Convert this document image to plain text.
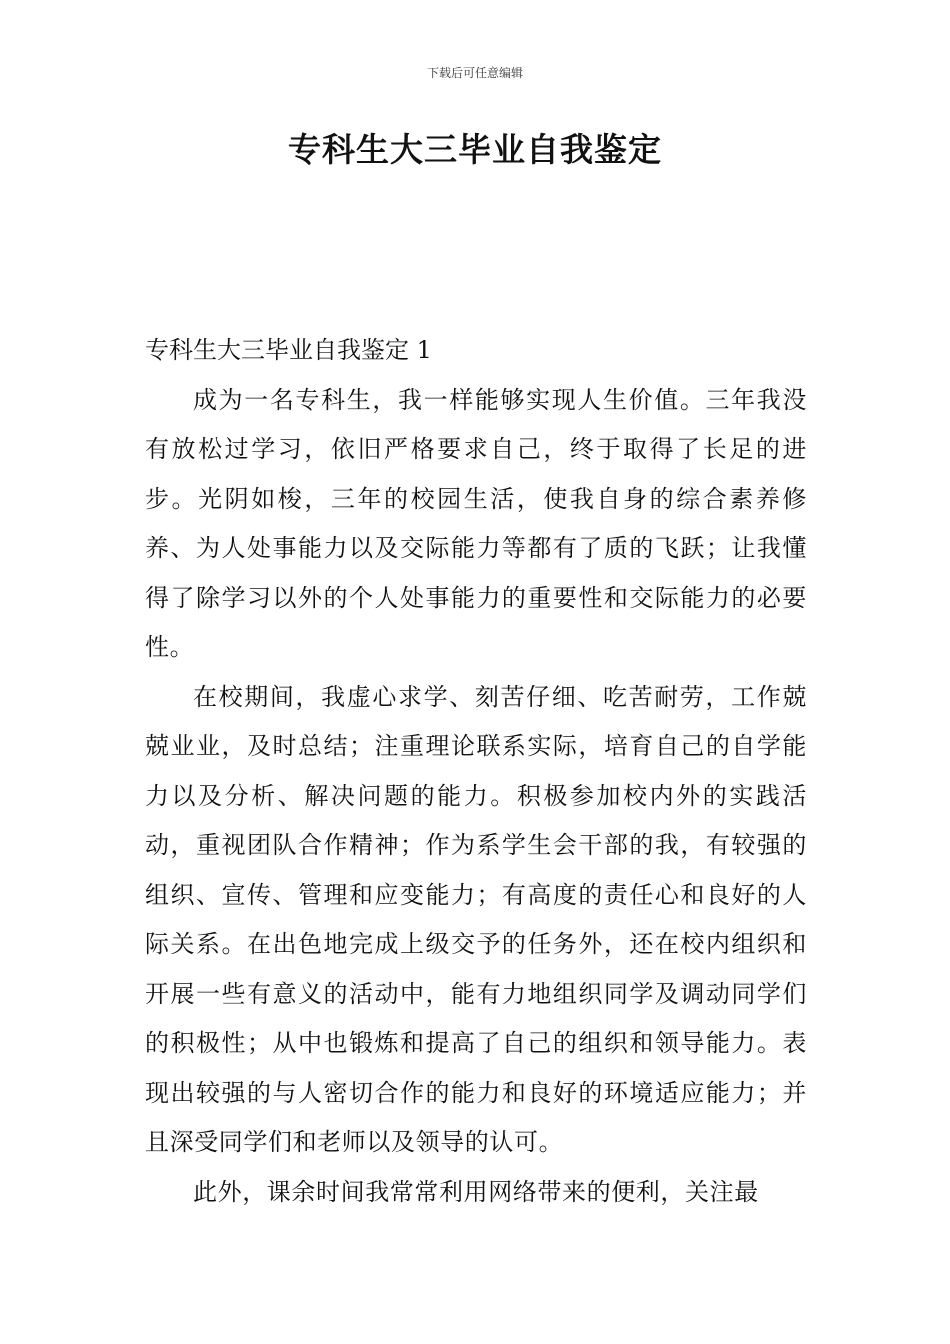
下载后可任意编辑
专科生大三毕业自我鉴定

专科生大三毕业自我鉴定 1

成为一名专科生，我一样能够实现人生价值。三年我没有放松过学习，依旧严格要求自己，终于取得了长足的进步。光阴如梭，三年的校园生活，使我自身的综合素养修养、为人处事能力以及交际能力等都有了质的飞跃；让我懂得了除学习以外的个人处事能力的重要性和交际能力的必要性。

在校期间，我虚心求学、刻苦仔细、吃苦耐劳，工作兢兢业业，及时总结；注重理论联系实际，培育自己的自学能力以及分析、解决问题的能力。积极参加校内外的实践活动，重视团队合作精神；作为系学生会干部的我，有较强的组织、宣传、管理和应变能力；有高度的责任心和良好的人际关系。在出色地完成上级交予的任务外，还在校内组织和开展一些有意义的活动中，能有力地组织同学及调动同学们的积极性；从中也锻炼和提高了自己的组织和领导能力。表现出较强的与人密切合作的能力和良好的环境适应能力；并且深受同学们和老师以及领导的认可。

此外，课余时间我常常利用网络带来的便利，关注最
